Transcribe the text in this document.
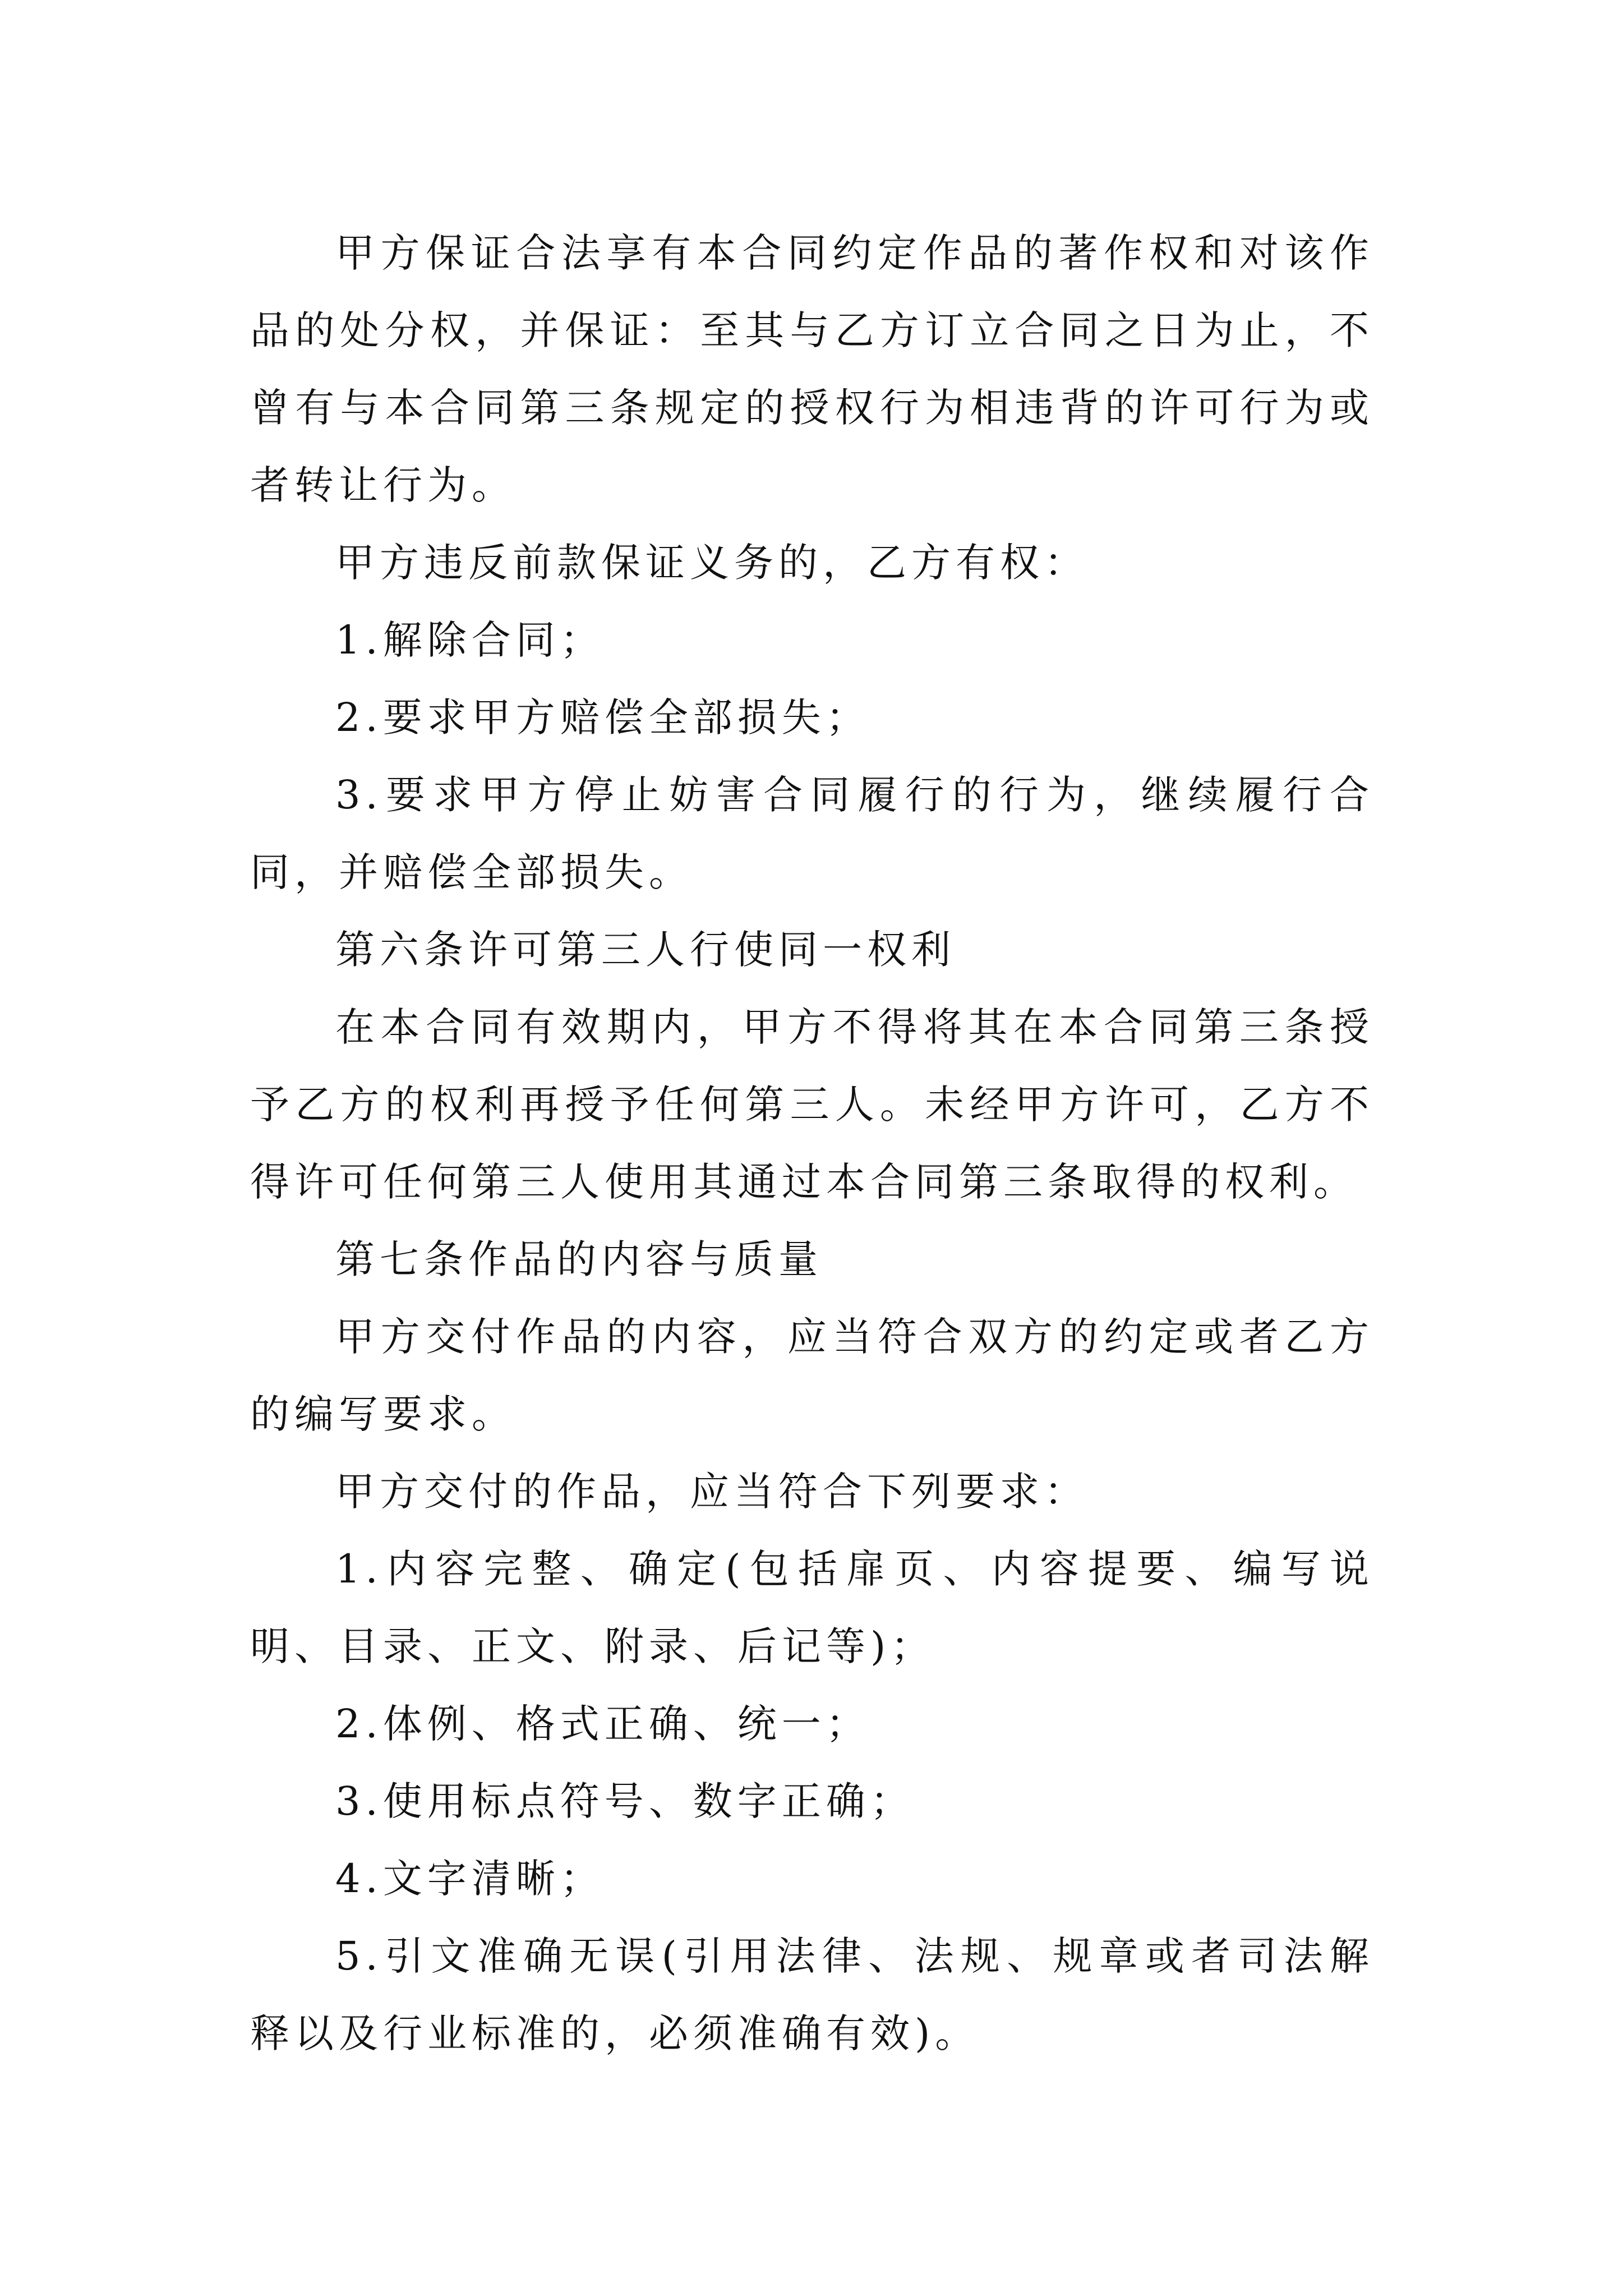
甲方保证合法享有本合同约定作品的著作权和对该作品的处分权，并保证：至其与乙方订立合同之日为止，不曾有与本合同第三条规定的授权行为相违背的许可行为或者转让行为。

甲方违反前款保证义务的，乙方有权：

1.解除合同；

2.要求甲方赔偿全部损失；

3.要求甲方停止妨害合同履行的行为，继续履行合同，并赔偿全部损失。

第六条许可第三人行使同一权利

在本合同有效期内，甲方不得将其在本合同第三条授予乙方的权利再授予任何第三人。未经甲方许可，乙方不得许可任何第三人使用其通过本合同第三条取得的权利。

第七条作品的内容与质量

甲方交付作品的内容，应当符合双方的约定或者乙方的编写要求。

甲方交付的作品，应当符合下列要求：

1.内容完整、确定(包括扉页、内容提要、编写说明、目录、正文、附录、后记等)；

2.体例、格式正确、统一；

3.使用标点符号、数字正确；

4.文字清晰；

5.引文准确无误(引用法律、法规、规章或者司法解释以及行业标准的，必须准确有效)。
